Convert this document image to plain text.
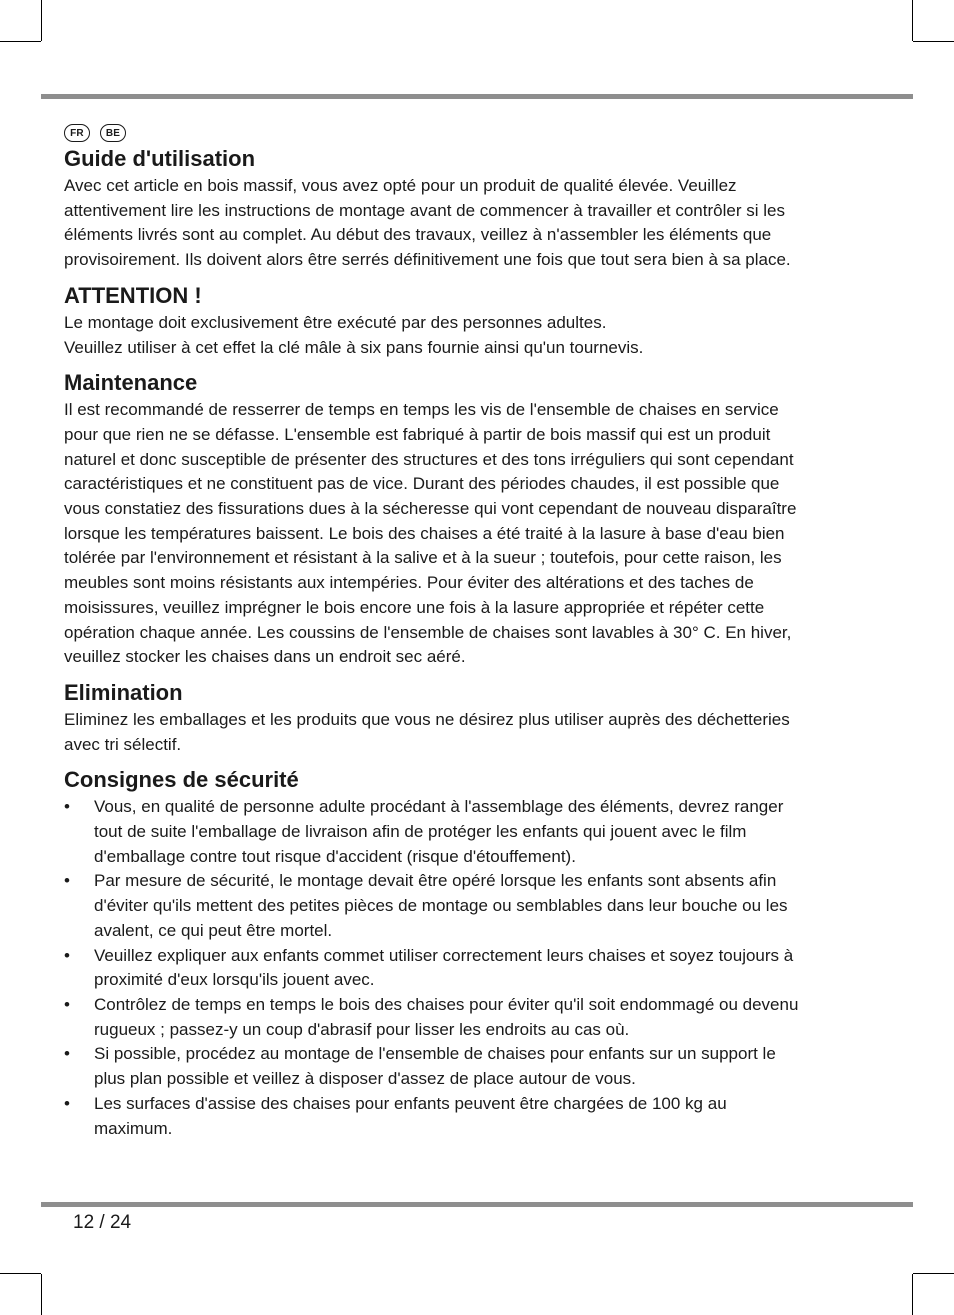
FR	BE
Guide d'utilisation

Avec cet article en bois massif, vous avez opté pour un produit de qualité élevée. Veuillez
attentivement lire les instructions de montage avant de commencer à travailler et contrôler si les
éléments livrés sont au complet. Au début des travaux, veillez à n'assembler les éléments que
provisoirement. Ils doivent alors être serrés définitivement une fois que tout sera bien à sa place.

ATTENTION !

Le montage doit exclusivement être exécuté par des personnes adultes.
Veuillez utiliser à cet effet la clé mâle à six pans fournie ainsi qu'un tournevis.

Maintenance

Il est recommandé de resserrer de temps en temps les vis de l'ensemble de chaises en service
pour que rien ne se défasse. L'ensemble est fabriqué à partir de bois massif qui est un produit
naturel et donc susceptible de présenter des structures et des tons irréguliers qui sont cependant
caractéristiques et ne constituent pas de vice. Durant des périodes chaudes, il est possible que
vous constatiez des fissurations dues à la sécheresse qui vont cependant de nouveau disparaître
lorsque les températures baissent. Le bois des chaises a été traité à la lasure à base d'eau bien
tolérée par l'environnement et résistant à la salive et à la sueur ; toutefois, pour cette raison, les
meubles sont moins résistants aux intempéries. Pour éviter des altérations et des taches de
moisissures, veuillez imprégner le bois encore une fois à la lasure appropriée et répéter cette
opération chaque année. Les coussins de l'ensemble de chaises sont lavables à 30° C. En hiver,
veuillez stocker les chaises dans un endroit sec aéré.

Elimination

Eliminez les emballages et les produits que vous ne désirez plus utiliser auprès des déchetteries
avec tri sélectif.

Consignes de sécurité
• Vous, en qualité de personne adulte procédant à l'assemblage des éléments, devrez ranger
tout de suite l'emballage de livraison afin de protéger les enfants qui jouent avec le film
d'emballage contre tout risque d'accident (risque d'étouffement).
• Par mesure de sécurité, le montage devait être opéré lorsque les enfants sont absents afin
d'éviter qu'ils mettent des petites pièces de montage ou semblables dans leur bouche ou les
avalent, ce qui peut être mortel.
• Veuillez expliquer aux enfants commet utiliser correctement leurs chaises et soyez toujours à
proximité d'eux lorsqu'ils jouent avec.
• Contrôlez de temps en temps le bois des chaises pour éviter qu'il soit endommagé ou devenu
rugueux ; passez-y un coup d'abrasif pour lisser les endroits au cas où.
• Si possible, procédez au montage de l'ensemble de chaises pour enfants sur un support le
plus plan possible et veillez à disposer d'assez de place autour de vous.
• Les surfaces d'assise des chaises pour enfants peuvent être chargées de 100 kg au
maximum.
12 / 24
